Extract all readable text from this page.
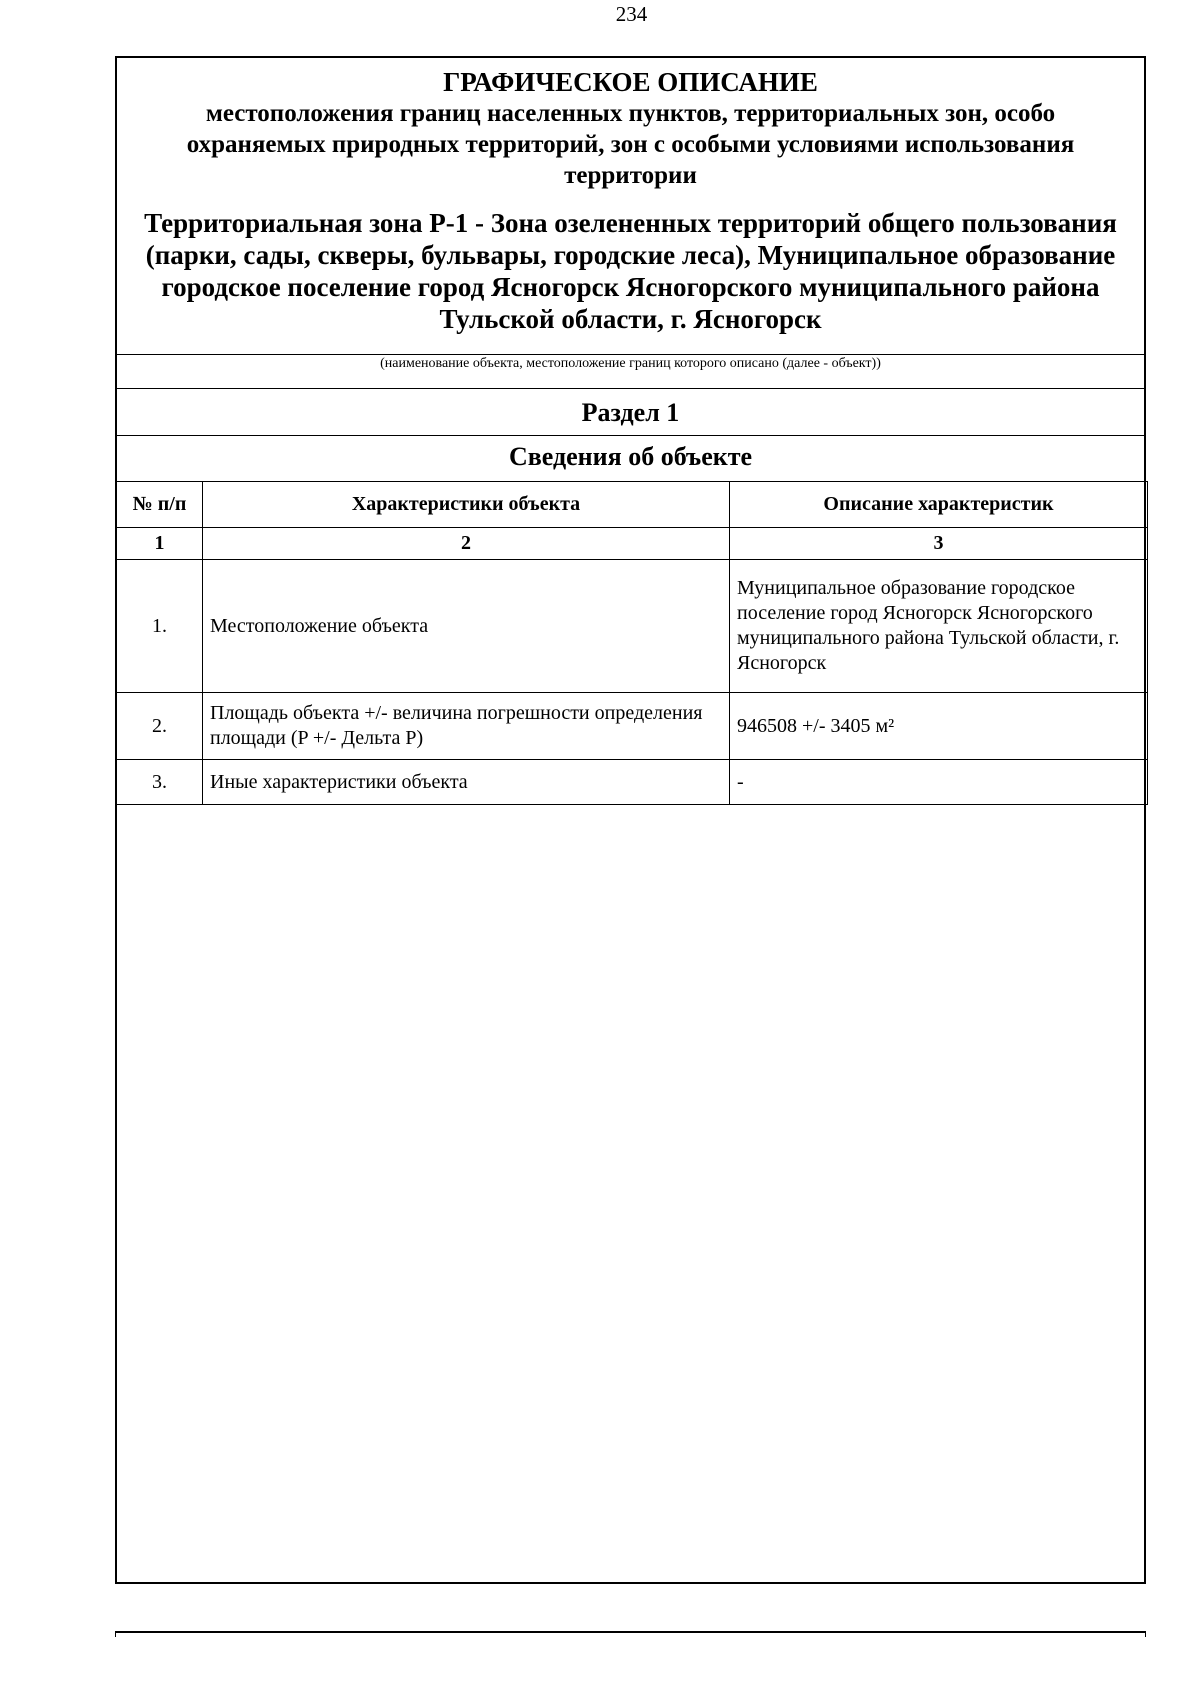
234
ГРАФИЧЕСКОЕ ОПИСАНИЕ
местоположения границ населенных пунктов, территориальных зон, особо охраняемых природных территорий, зон с особыми условиями использования территории
Территориальная зона Р-1 - Зона озелененных территорий общего пользования (парки, сады, скверы, бульвары, городские леса), Муниципальное образование городское поселение город Ясногорск Ясногорского муниципального района Тульской области, г. Ясногорск
(наименование объекта, местоположение границ которого описано (далее - объект))
Раздел 1
Сведения об объекте
№ п/п	Характеристики объекта	Описание характеристик
1	2	3
1.	Местоположение объекта	Муниципальное образование городское поселение город Ясногорск Ясногорского муниципального района Тульской области, г. Ясногорск
2.	Площадь объекта +/- величина погрешности определения площади (P +/- Дельта P)	946508 +/- 3405 м²
3.	Иные характеристики объекта	-
